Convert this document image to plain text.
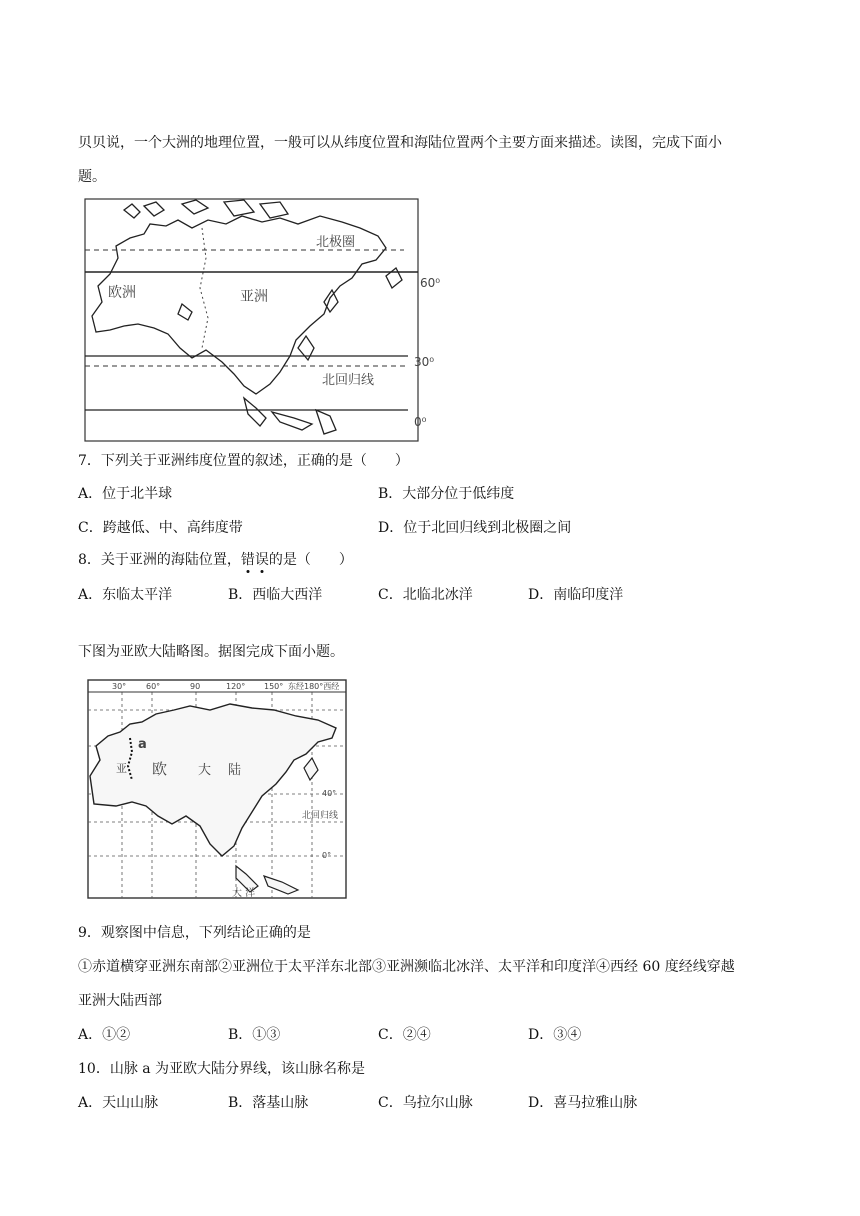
贝贝说，一个大洲的地理位置，一般可以从纬度位置和海陆位置两个主要方面来描述。读图，完成下面小
题。
北极圈
60⁰
欧洲	亚洲
30⁰
北回归线
0⁰
7．下列关于亚洲纬度位置的叙述，正确的是（　　）
A．位于北半球	B．大部分位于低纬度
C．跨越低、中、高纬度带	D．位于北回归线到北极圈之间
8．关于亚洲的海陆位置，错误的是（　　）
A．东临太平洋	B．西临大西洋	C．北临北冰洋	D．南临印度洋
下图为亚欧大陆略图。据图完成下面小题。
30° 60°	90	120° 150° 东经180°西经
a
亚 欧 大 陆
40°
北回归线
0°
大 洋
9．观察图中信息，下列结论正确的是
①赤道横穿亚洲东南部②亚洲位于太平洋东北部③亚洲濒临北冰洋、太平洋和印度洋④西经 60 度经线穿越
亚洲大陆西部
A．①②	B．①③	C．②④	D．③④
10．山脉 a 为亚欧大陆分界线，该山脉名称是
A．天山山脉	B．落基山脉	C．乌拉尔山脉	D．喜马拉雅山脉
